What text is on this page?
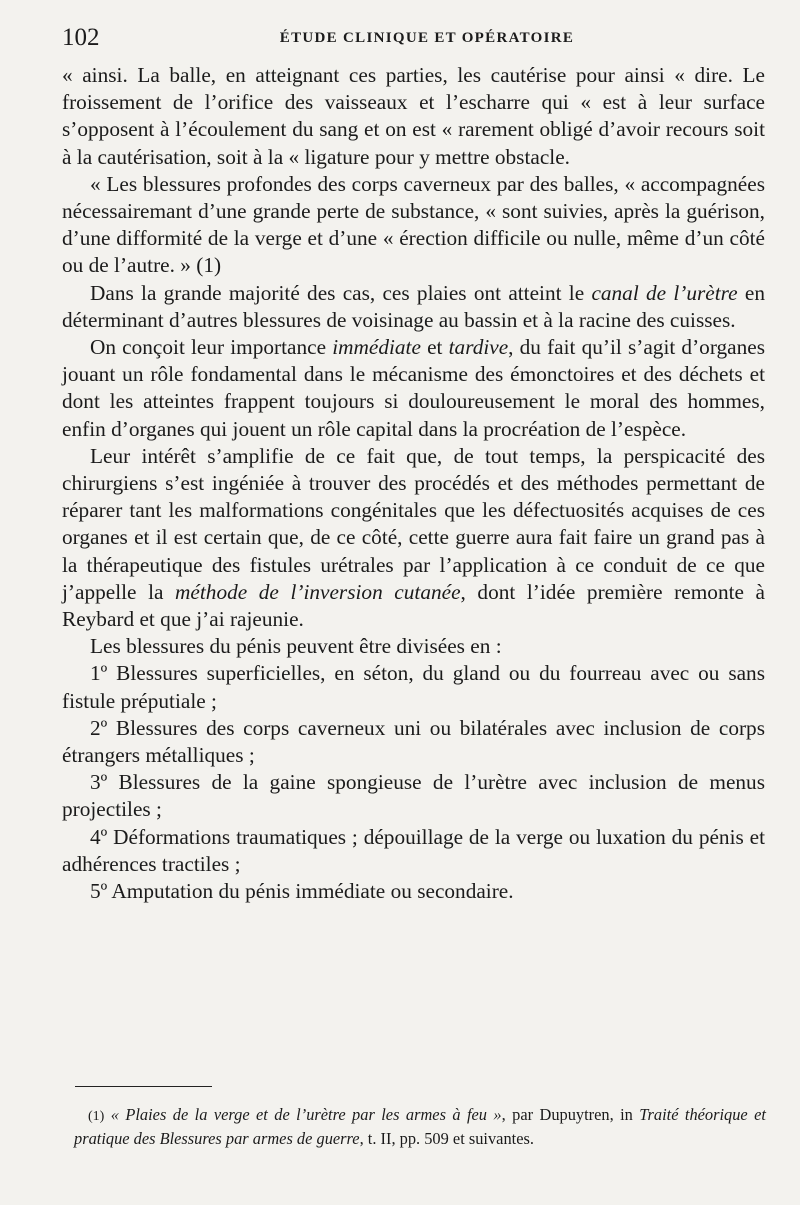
102	ÉTUDE CLINIQUE ET OPÉRATOIRE

« ainsi. La balle, en atteignant ces parties, les cautérise pour ainsi « dire. Le froissement de l’orifice des vaisseaux et l’escharre qui « est à leur surface s’opposent à l’écoulement du sang et on est « rarement obligé d’avoir recours soit à la cautérisation, soit à la « ligature pour y mettre obstacle.

« Les blessures profondes des corps caverneux par des balles, « accompagnées nécessairemant d’une grande perte de substance, « sont suivies, après la guérison, d’une difformité de la verge et d’une « érection difficile ou nulle, même d’un côté ou de l’autre. » (1)

Dans la grande majorité des cas, ces plaies ont atteint le canal de l’urètre en déterminant d’autres blessures de voisinage au bassin et à la racine des cuisses.

On conçoit leur importance immédiate et tardive, du fait qu’il s’agit d’organes jouant un rôle fondamental dans le mécanisme des émonctoires et des déchets et dont les atteintes frappent toujours si douloureusement le moral des hommes, enfin d’organes qui jouent un rôle capital dans la procréation de l’espèce.

Leur intérêt s’amplifie de ce fait que, de tout temps, la perspicacité des chirurgiens s’est ingéniée à trouver des procédés et des méthodes permettant de réparer tant les malformations congénitales que les défectuosités acquises de ces organes et il est certain que, de ce côté, cette guerre aura fait faire un grand pas à la thérapeutique des fistules urétrales par l’application à ce conduit de ce que j’appelle la méthode de l’inversion cutanée, dont l’idée première remonte à Reybard et que j’ai rajeunie.

Les blessures du pénis peuvent être divisées en :

1º Blessures superficielles, en séton, du gland ou du fourreau avec ou sans fistule préputiale ;

2º Blessures des corps caverneux uni ou bilatérales avec inclusion de corps étrangers métalliques ;

3º Blessures de la gaine spongieuse de l’urètre avec inclusion de menus projectiles ;

4º Déformations traumatiques ; dépouillage de la verge ou luxation du pénis et adhérences tractiles ;

5º Amputation du pénis immédiate ou secondaire.

(1) « Plaies de la verge et de l’urètre par les armes à feu », par Dupuytren, in Traité théorique et pratique des Blessures par armes de guerre, t. II, pp. 509 et suivantes.
